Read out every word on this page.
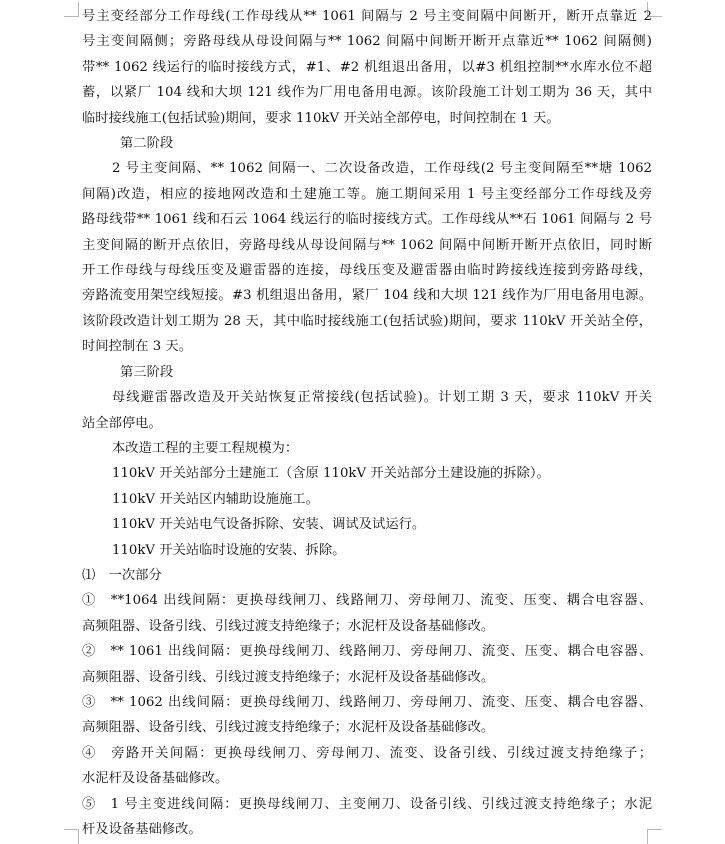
号主变经部分工作母线(工作母线从** 1061 间隔与 2 号主变间隔中间断开，断开点靠近 2

号主变间隔侧；旁路母线从母设间隔与** 1062 间隔中间断开断开点靠近** 1062 间隔侧)

带** 1062 线运行的临时接线方式，#1、#2 机组退出备用，以#3 机组控制**水库水位不超

蓄，以紧厂 104 线和大坝 121 线作为厂用电备用电源。该阶段施工计划工期为 36 天，其中

临时接线施工(包括试验)期间，要求 110kV 开关站全部停电，时间控制在 1 天。

第二阶段

2 号主变间隔、** 1062 间隔一、二次设备改造，工作母线(2 号主变间隔至**塘 1062

间隔)改造，相应的接地网改造和土建施工等。施工期间采用 1 号主变经部分工作母线及旁

路母线带** 1061 线和石云 1064 线运行的临时接线方式。工作母线从**石 1061 间隔与 2 号

主变间隔的断开点依旧，旁路母线从母设间隔与** 1062 间隔中间断开断开点依旧，同时断

开工作母线与母线压变及避雷器的连接，母线压变及避雷器由临时跨接线连接到旁路母线，

旁路流变用架空线短接。#3 机组退出备用，紧厂 104 线和大坝 121 线作为厂用电备用电源。

该阶段改造计划工期为 28 天，其中临时接线施工(包括试验)期间，要求 110kV 开关站全停，

时间控制在 3 天。

第三阶段

母线避雷器改造及开关站恢复正常接线(包括试验)。计划工期 3 天，要求 110kV 开关

站全部停电。

本改造工程的主要工程规模为：

110kV 开关站部分土建施工（含原 110kV 开关站部分土建设施的拆除）。

110kV 开关站区内辅助设施施工。

110kV 开关站电气设备拆除、安装、调试及试运行。

110kV 开关站临时设施的安装、拆除。

⑴　一次部分

①　**1064 出线间隔：更换母线闸刀、线路闸刀、旁母闸刀、流变、压变、耦合电容器、

高频阻器、设备引线、引线过渡支持绝缘子；水泥杆及设备基础修改。

②　** 1061 出线间隔：更换母线闸刀、线路闸刀、旁母闸刀、流变、压变、耦合电容器、

高频阻器、设备引线、引线过渡支持绝缘子；水泥杆及设备基础修改。

③　** 1062 出线间隔：更换母线闸刀、线路闸刀、旁母闸刀、流变、压变、耦合电容器、

高频阻器、设备引线、引线过渡支持绝缘子；水泥杆及设备基础修改。

④　旁路开关间隔：更换母线闸刀、旁母闸刀、流变、设备引线、引线过渡支持绝缘子；

水泥杆及设备基础修改。

⑤　1 号主变进线间隔：更换母线闸刀、主变闸刀、设备引线、引线过渡支持绝缘子；水泥

杆及设备基础修改。
